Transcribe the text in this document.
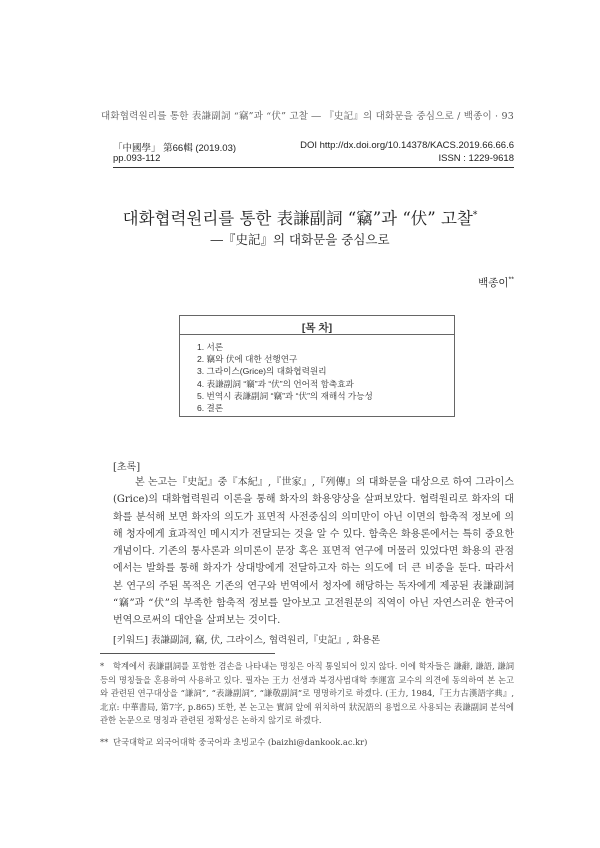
대화협력원리를 통한 表謙副詞 “竊”과 “伏” 고찰 ― 『史記』의 대화문을 중심으로 / 백종이 · 93
「中國學」 第66輯 (2019.03)
pp.093-112
DOI http://dx.doi.org/10.14378/KACS.2019.66.66.6
ISSN : 1229-9618
대화협력원리를 통한 表謙副詞 “竊”과 “伏” 고찰*
―『史記』의 대화문을 중심으로
백종이**
[목 차]
1. 서론
2. 竊와 伏에 대한 선행연구
3. 그라이스(Grice)의 대화협력원리
4. 表謙副詞 “竊”과 “伏”의 언어적 함축효과
5. 번역시 表謙副詞 “竊”과 “伏”의 재해석 가능성
6. 결론
[초록]

본 논고는『史記』중『本紀』,『世家』,『列傳』의 대화문을 대상으로 하여 그라이스(Grice)의 대화협력원리 이론을 통해 화자의 화용양상을 살펴보았다. 협력원리로 화자의 대화를 분석해 보면 화자의 의도가 표면적 사전중심의 의미만이 아닌 이면의 함축적 정보에 의해 청자에게 효과적인 메시지가 전달되는 것을 알 수 있다. 함축은 화용론에서는 특히 중요한 개념이다. 기존의 통사론과 의미론이 문장 혹은 표면적 연구에 머물러 있었다면 화용의 관점에서는 발화를 통해 화자가 상대방에게 전달하고자 하는 의도에 더 큰 비중을 둔다. 따라서 본 연구의 주된 목적은 기존의 연구와 번역에서 청자에 해당하는 독자에게 제공된 表謙副詞 “竊”과 “伏”의 부족한 함축적 정보를 알아보고 고전원문의 직역이 아닌 자연스러운 한국어 번역으로써의 대안을 살펴보는 것이다.

[키워드] 表謙副詞, 竊, 伏, 그라이스, 협력원리,『史記』, 화용론
* 학계에서 表謙副詞를 포함한 겸손을 나타내는 명칭은 아직 통일되어 있지 않다. 이에 학자들은 謙辭, 謙語, 謙詞 등의 명칭들을 혼용하여 사용하고 있다. 필자는 王力 선생과 북경사범대학 李運富 교수의 의견에 동의하여 본 논고와 관련된 연구대상을 “謙詞”, “表謙副詞”, “謙敬副詞”로 명명하기로 하겠다. (王力, 1984,『王力古漢語字典』, 北京: 中華書局, 第7字, p.865) 또한, 본 논고는 實詞 앞에 위치하여 狀況語의 용법으로 사용되는 表謙副詞 분석에 관한 논문으로 명칭과 관련된 정확성은 논하지 않기로 하겠다.
** 단국대학교 외국어대학 중국어과 초빙교수 (baizhi@dankook.ac.kr)
